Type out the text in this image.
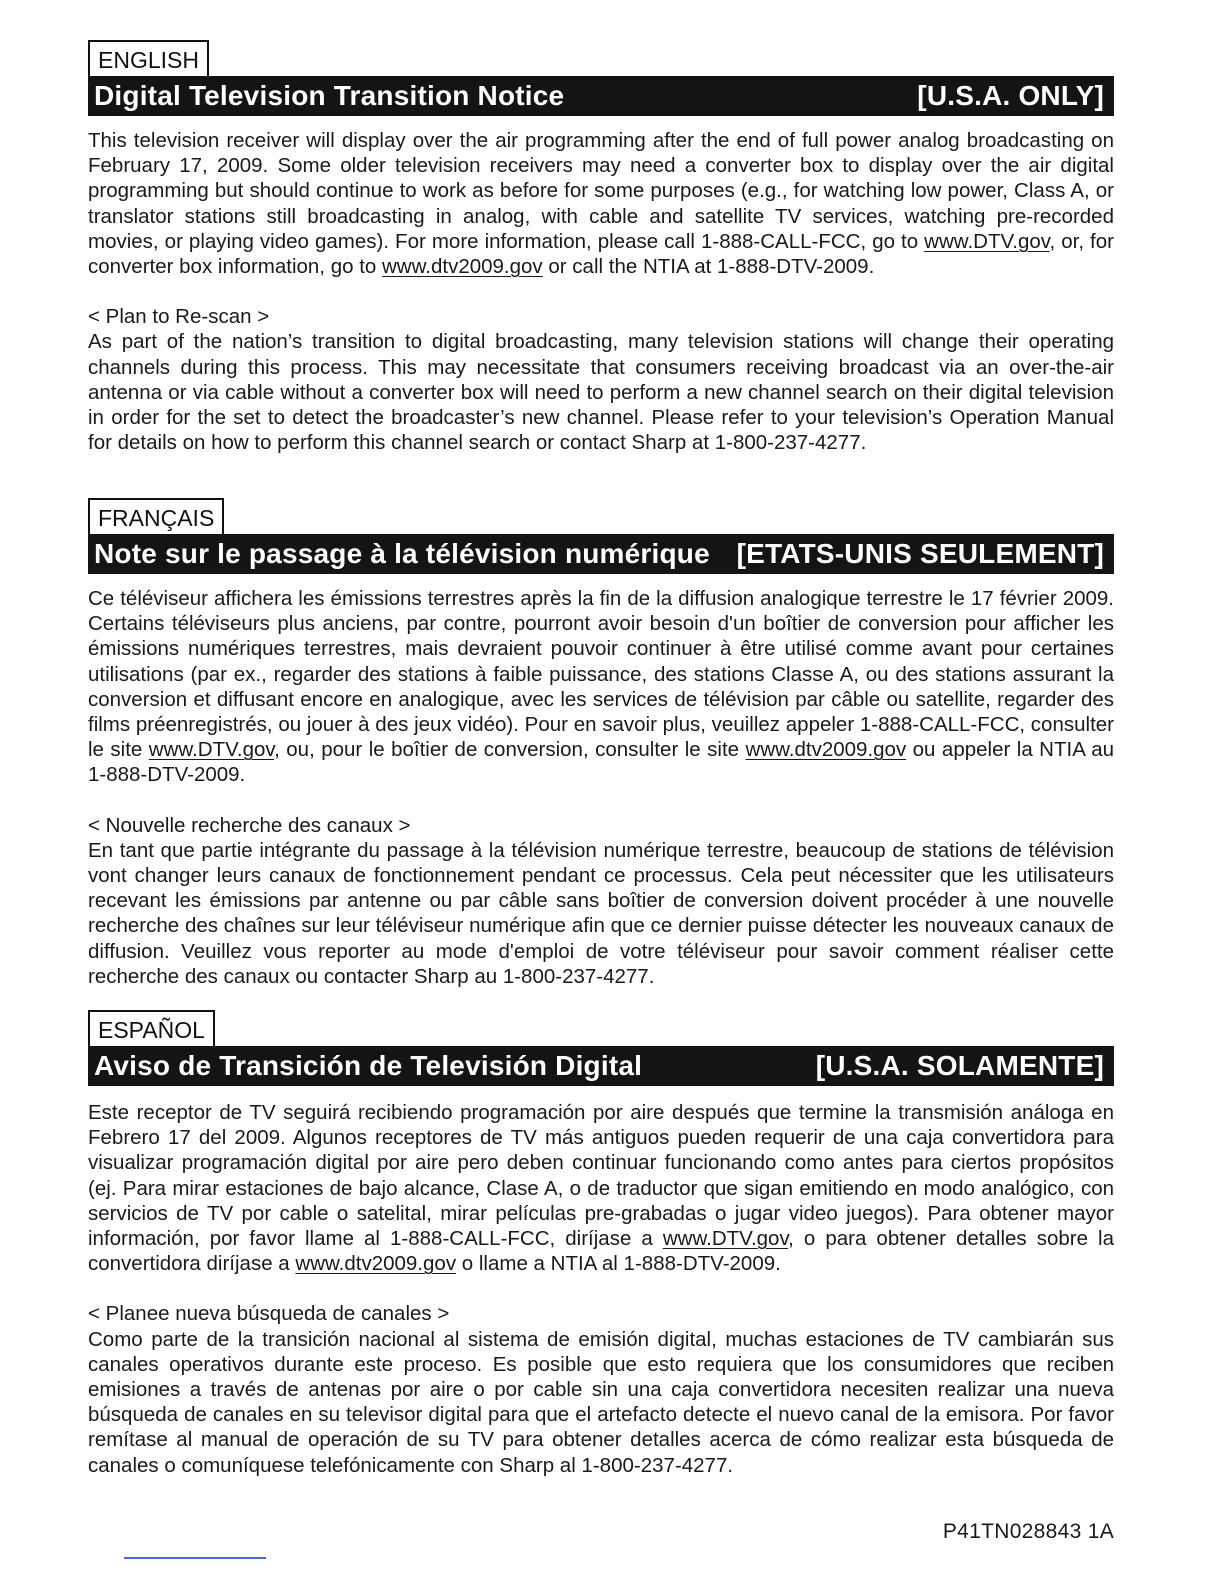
ENGLISH
Digital Television Transition Notice	[U.S.A. ONLY]

This television receiver will display over the air programming after the end of full power analog broadcasting on February 17, 2009. Some older television receivers may need a converter box to display over the air digital programming but should continue to work as before for some purposes (e.g., for watching low power, Class A, or translator stations still broadcasting in analog, with cable and satellite TV services, watching pre-recorded movies, or playing video games). For more information, please call 1-888-CALL-FCC, go to www.DTV.gov, or, for converter box information, go to www.dtv2009.gov or call the NTIA at 1-888-DTV-2009.

< Plan to Re-scan >

As part of the nation’s transition to digital broadcasting, many television stations will change their operating channels during this process. This may necessitate that consumers receiving broadcast via an over-the-air antenna or via cable without a converter box will need to perform a new channel search on their digital television in order for the set to detect the broadcaster’s new channel. Please refer to your television’s Operation Manual for details on how to perform this channel search or contact Sharp at 1-800-237-4277.

FRANÇAIS
Note sur le passage à la télévision numérique [ETATS-UNIS SEULEMENT]

Ce téléviseur affichera les émissions terrestres après la fin de la diffusion analogique terrestre le 17 février 2009. Certains téléviseurs plus anciens, par contre, pourront avoir besoin d'un boîtier de conversion pour afficher les émissions numériques terrestres, mais devraient pouvoir continuer à être utilisé comme avant pour certaines utilisations (par ex., regarder des stations à faible puissance, des stations Classe A, ou des stations assurant la conversion et diffusant encore en analogique, avec les services de télévision par câble ou satellite, regarder des films préenregistrés, ou jouer à des jeux vidéo). Pour en savoir plus, veuillez appeler 1-888-CALL-FCC, consulter le site www.DTV.gov, ou, pour le boîtier de conversion, consulter le site www.dtv2009.gov ou appeler la NTIA au 1-888-DTV-2009.

< Nouvelle recherche des canaux >

En tant que partie intégrante du passage à la télévision numérique terrestre, beaucoup de stations de télévision vont changer leurs canaux de fonctionnement pendant ce processus. Cela peut nécessiter que les utilisateurs recevant les émissions par antenne ou par câble sans boîtier de conversion doivent procéder à une nouvelle recherche des chaînes sur leur téléviseur numérique afin que ce dernier puisse détecter les nouveaux canaux de diffusion. Veuillez vous reporter au mode d'emploi de votre téléviseur pour savoir comment réaliser cette recherche des canaux ou contacter Sharp au 1-800-237-4277.

ESPAÑOL
Aviso de Transición de Televisión Digital	[U.S.A. SOLAMENTE]

Este receptor de TV seguirá recibiendo programación por aire después que termine la transmisión análoga en Febrero 17 del 2009. Algunos receptores de TV más antiguos pueden requerir de una caja convertidora para visualizar programación digital por aire pero deben continuar funcionando como antes para ciertos propósitos (ej. Para mirar estaciones de bajo alcance, Clase A, o de traductor que sigan emitiendo en modo analógico, con servicios de TV por cable o satelital, mirar películas pre-grabadas o jugar video juegos). Para obtener mayor información, por favor llame al 1-888-CALL-FCC, diríjase a www.DTV.gov, o para obtener detalles sobre la convertidora diríjase a www.dtv2009.gov o llame a NTIA al 1-888-DTV-2009.

< Planee nueva búsqueda de canales >

Como parte de la transición nacional al sistema de emisión digital, muchas estaciones de TV cambiarán sus canales operativos durante este proceso. Es posible que esto requiera que los consumidores que reciben emisiones a través de antenas por aire o por cable sin una caja convertidora necesiten realizar una nueva búsqueda de canales en su televisor digital para que el artefacto detecte el nuevo canal de la emisora. Por favor remítase al manual de operación de su TV para obtener detalles acerca de cómo realizar esta búsqueda de canales o comuníquese telefónicamente con Sharp al 1-800-237-4277.

P41TN028843 1A
